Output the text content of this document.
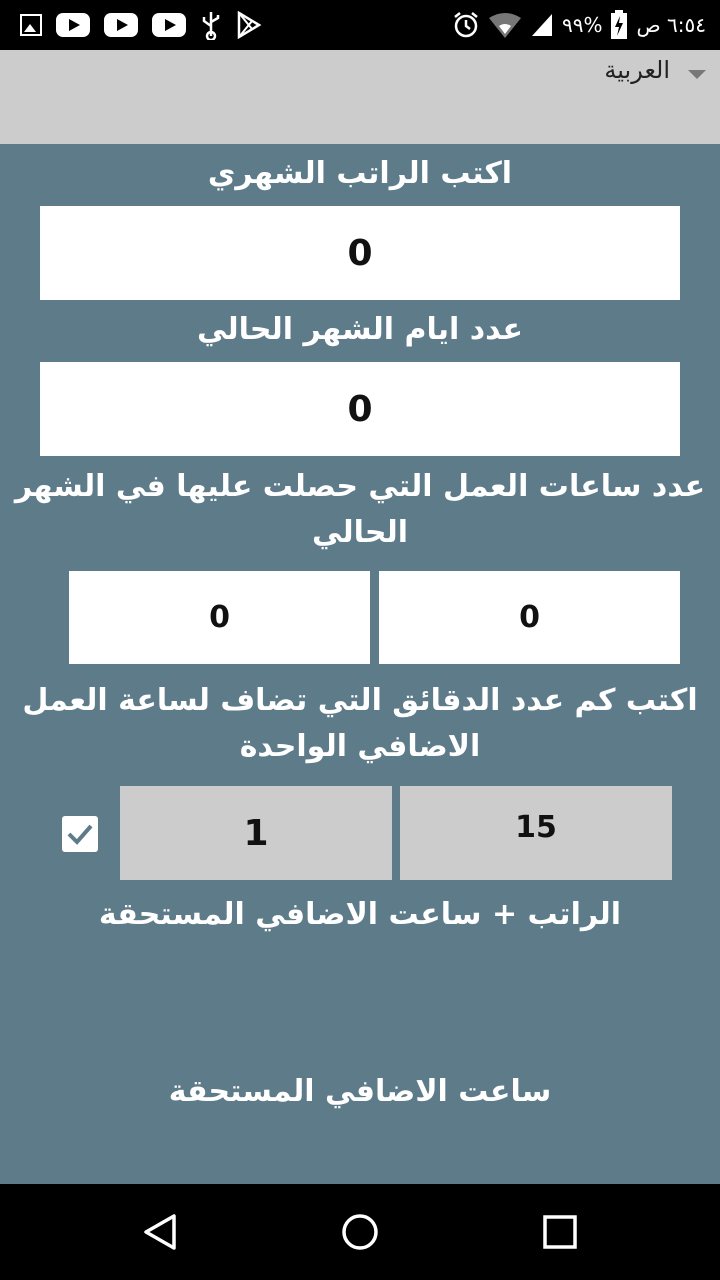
٩٩% ٦:٥٤ ص
العربية
اكتب الراتب الشهري
0
عدد ايام الشهر الحالي
0
عدد ساعات العمل التي حصلت عليها في الشهر الحالي
0	0
اكتب كم عدد الدقائق التي تضاف لساعة العمل الاضافي الواحدة
1	15
الراتب + ساعت الاضافي المستحقة
ساعت الاضافي المستحقة
